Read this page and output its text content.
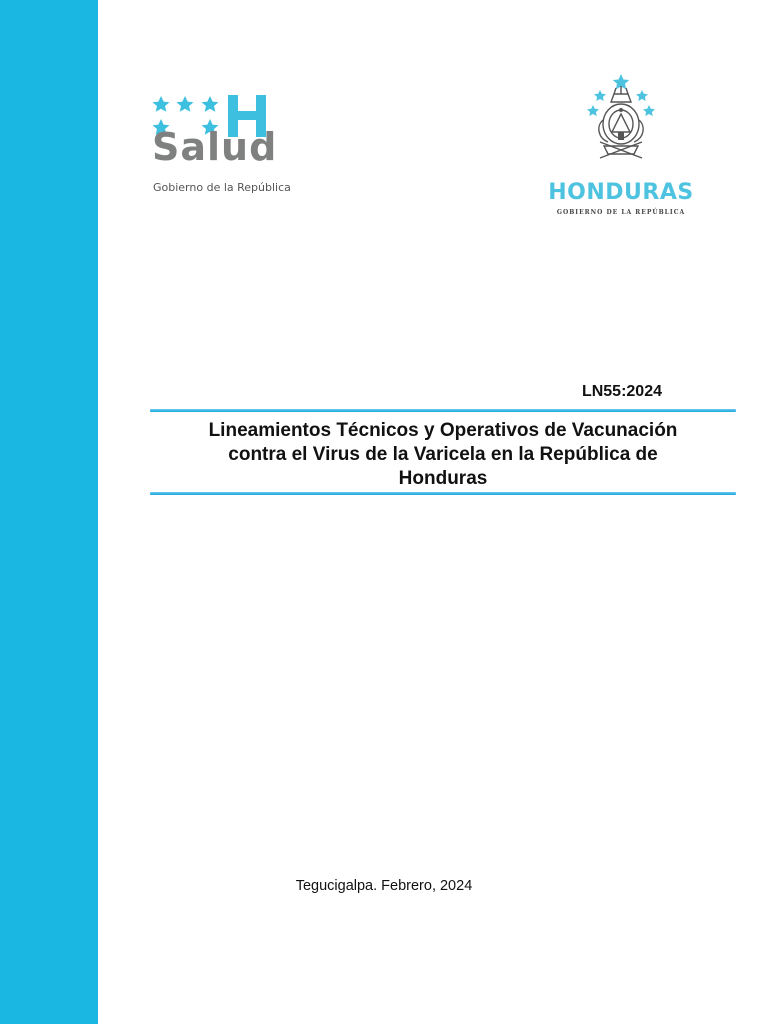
Salud
Gobierno de la República	HONDURAS
GOBIERNO DE LA REPÚBLICA
LN55:2024
Lineamientos Técnicos y Operativos de Vacunación
contra el Virus de la Varicela en la República de
Honduras
Tegucigalpa. Febrero, 2024
